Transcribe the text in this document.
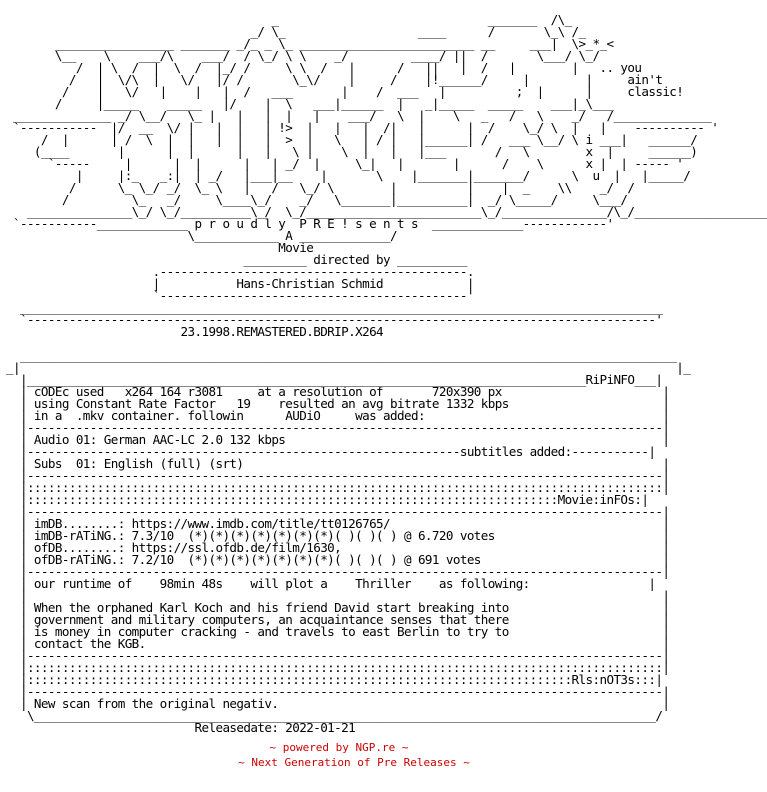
_                              _______  /\_
_/ \_                   ____      /       \_\ /_
_________________ _______ _/_ _ \_ _________________________ __     ___|  \>_*_<
\__    \    ___/\    ___/  / \_/ \ \    _/         ____/ ||  /       \___/ \_/
/  | \  /  |  \  /  |_/ /     \ \  /   |      /   ||   |  /   |        |   .. you
/   |  \/\  |   \/   |/ /       \_\/    |     /    |!______/     |        |     ain't
/    |   \/   |    |   |  /   ___       |    /  ___   |          ;  |      |     classic!
/     |_____    _____   |/    |  \   ___|______  |   _|_____  _____    ___|_\___
______________ _/ \__/   \_ |   |   |  |   |    ___/   \  |    \   _   /   \    _/   /______________
`-----------  |/  __  \/ |   |  |   | !>  |   |   |  /|   |      |  /    \_/ \  |   |    ---------- '
/  |      | /  \  |  |   |  |   |  >  |   \   | / |   |______| /   ___ \__/ \ i ___|   ______/
(____       |      |  |      |   |   \ |    \  |   |   |___       /   \        x  |     ______)
`-----     |      |  |      |   | _/  |     \_|   |       |      /    \      x |  | ----- '
|     |:_   _:|  | _/   |___|__    |       \    |_______|_______/      \  u  |   |_____/
/      \_ \_/ _/  \_ \   |   /   \_/ \        |          |    |  _    \\    _/  /
/         \_   _/     \____\_/    _/   \_______|__________|  _/ \_____/     \___/
_______________\_/ \_/__________\_/  \_/_________________________\_/_______________/\_/___________________
`-----------_____________ p r o u d l y  P R E ! s e n t s  _____________------------'
\____________ A _____________/
Movie
_________ directed by __________
.--------------------------------------------.
|           Hans-Christian Schmid            |
`--------------------------------------------'
____________________________________________________________________________________________
`------------------------------------------------------------------------------------------'
23.1998.REMASTERED.BDRIP.X264
______________________________________________________________________________________________
_|                                                                                              |_
|________________________________________________________________________________RiPiNFO___|
| cODEc used   x264 164 r3081     at a resolution of       720x390 px                       |
| using Constant Rate Factor   19    resulted an avg bitrate 1332 kbps                      |
| in a  .mkv container. followin      AUDiO     was added:                                  |
|-------------------------------------------------------------------------------------------|
| Audio 01: German AAC-LC 2.0 132 kbps                                                      |
|--------------------------------------------------------------subtitles added:-----------|
| Subs  01: English (full) (srt)                                                            |
|-------------------------------------------------------------------------------------------|
|:::::::::::::::::::::::::::::::::::::::::::::::::::::::::::::::::::::::::::::::::::::::::::|
|::::::::::::::::::::::::::::::::::::::::::::::::::::::::::::::::::::::::::::Movie:inFOs:|
|-------------------------------------------------------------------------------------------|
| imDB........: https://www.imdb.com/title/tt0126765/                                       |
| imDB-rATiNG.: 7.3/10  (*)(*)(*)(*)(*)(*)(*)( )( )( ) @ 6.720 votes                        |
| ofDB........: https://ssl.ofdb.de/film/1630,                                              |
| ofDB-rATiNG.: 7.2/10  (*)(*)(*)(*)(*)(*)(*)( )( )( ) @ 691 votes                          |
|-------------------------------------------------------------------------------------------|
| our runtime of    98min 48s    will plot a    Thriller    as following:                 |
|                                                                                           |
| When the orphaned Karl Koch and his friend David start breaking into                      |
| government and military computers, an acquaintance senses that there                      |
| is money in computer cracking - and travels to east Berlin to try to                      |
| contact the KGB.                                                                          |
|-------------------------------------------------------------------------------------------|
|:::::::::::::::::::::::::::::::::::::::::::::::::::::::::::::::::::::::::::::::::::::::::::|
|::::::::::::::::::::::::::::::::::::::::::::::::::::::::::::::::::::::::::::::Rls:nOT3s:::|
|-------------------------------------------------------------------------------------------|
| New scan from the original negativ.                                                       |
\_________________________________________________________________________________________/
Releasedate: 2022-01-21
~ powered by NGP.re ~
~ Next Generation of Pre Releases ~
